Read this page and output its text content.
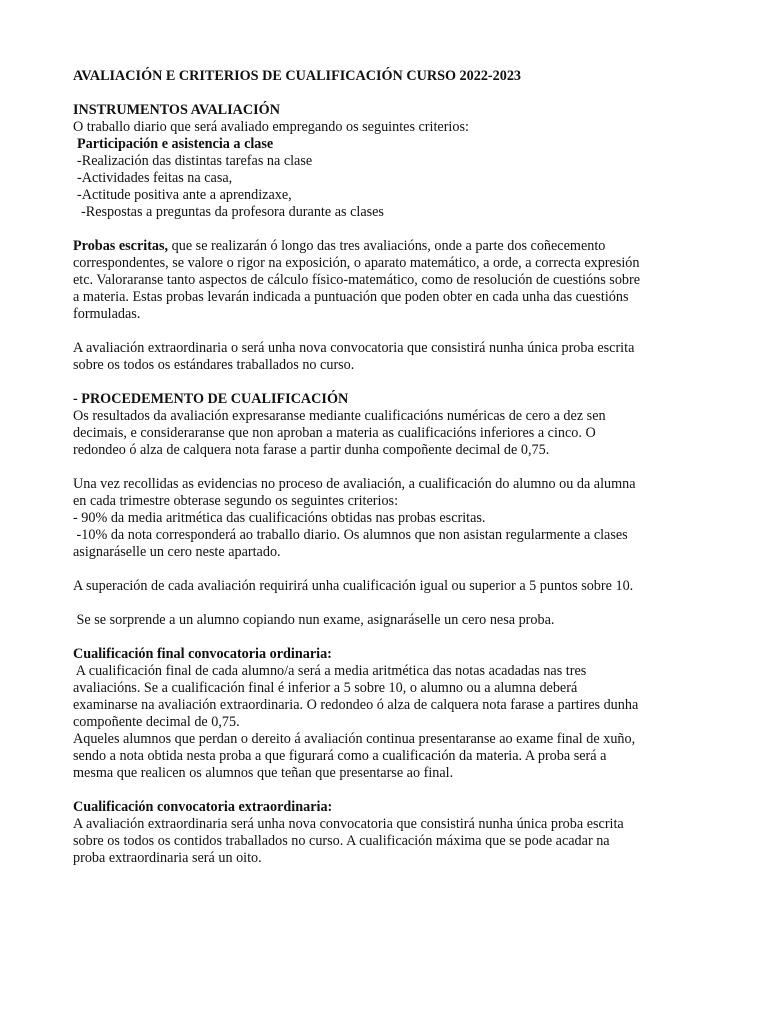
AVALIACIÓN E CRITERIOS DE CUALIFICACIÓN CURSO 2022-2023
INSTRUMENTOS AVALIACIÓN
O traballo diario que será avaliado empregando os seguintes criterios:
Participación e asistencia a clase
-Realización das distintas tarefas na clase
-Actividades feitas na casa,
-Actitude positiva ante a aprendizaxe,
-Respostas a preguntas da profesora durante as clases
Probas escritas, que se realizarán ó longo das tres avaliacións, onde a parte dos coñecemento
correspondentes, se valore o rigor na exposición, o aparato matemático, a orde, a correcta expresión
etc. Valoraranse tanto aspectos de cálculo físico-matemático, como de resolución de cuestións sobre
a materia. Estas probas levarán indicada a puntuación que poden obter en cada unha das cuestións
formuladas.
A avaliación extraordinaria o será unha nova convocatoria que consistirá nunha única proba escrita
sobre os todos os estándares traballados no curso.
- PROCEDEMENTO DE CUALIFICACIÓN
Os resultados da avaliación expresaranse mediante cualificacións numéricas de cero a dez sen
decimais, e consideraranse que non aproban a materia as cualificacións inferiores a cinco. O
redondeo ó alza de calquera nota farase a partir dunha compoñente decimal de 0,75.
Una vez recollidas as evidencias no proceso de avaliación, a cualificación do alumno ou da alumna
en cada trimestre obterase segundo os seguintes criterios:
- 90% da media aritmética das cualificacións obtidas nas probas escritas.
-10% da nota corresponderá ao traballo diario. Os alumnos que non asistan regularmente a clases
asignaráselle un cero neste apartado.
A superación de cada avaliación requirirá unha cualificación igual ou superior a 5 puntos sobre 10.
Se se sorprende a un alumno copiando nun exame, asignaráselle un cero nesa proba.
Cualificación final convocatoria ordinaria:
A cualificación final de cada alumno/a será a media aritmética das notas acadadas nas tres
avaliacións. Se a cualificación final é inferior a 5 sobre 10, o alumno ou a alumna deberá
examinarse na avaliación extraordinaria. O redondeo ó alza de calquera nota farase a partires dunha
compoñente decimal de 0,75.
Aqueles alumnos que perdan o dereito á avaliación continua presentaranse ao exame final de xuño,
sendo a nota obtida nesta proba a que figurará como a cualificación da materia. A proba será a
mesma que realicen os alumnos que teñan que presentarse ao final.
Cualificación convocatoria extraordinaria:
A avaliación extraordinaria será unha nova convocatoria que consistirá nunha única proba escrita
sobre os todos os contidos traballados no curso. A cualificación máxima que se pode acadar na
proba extraordinaria será un oito.
